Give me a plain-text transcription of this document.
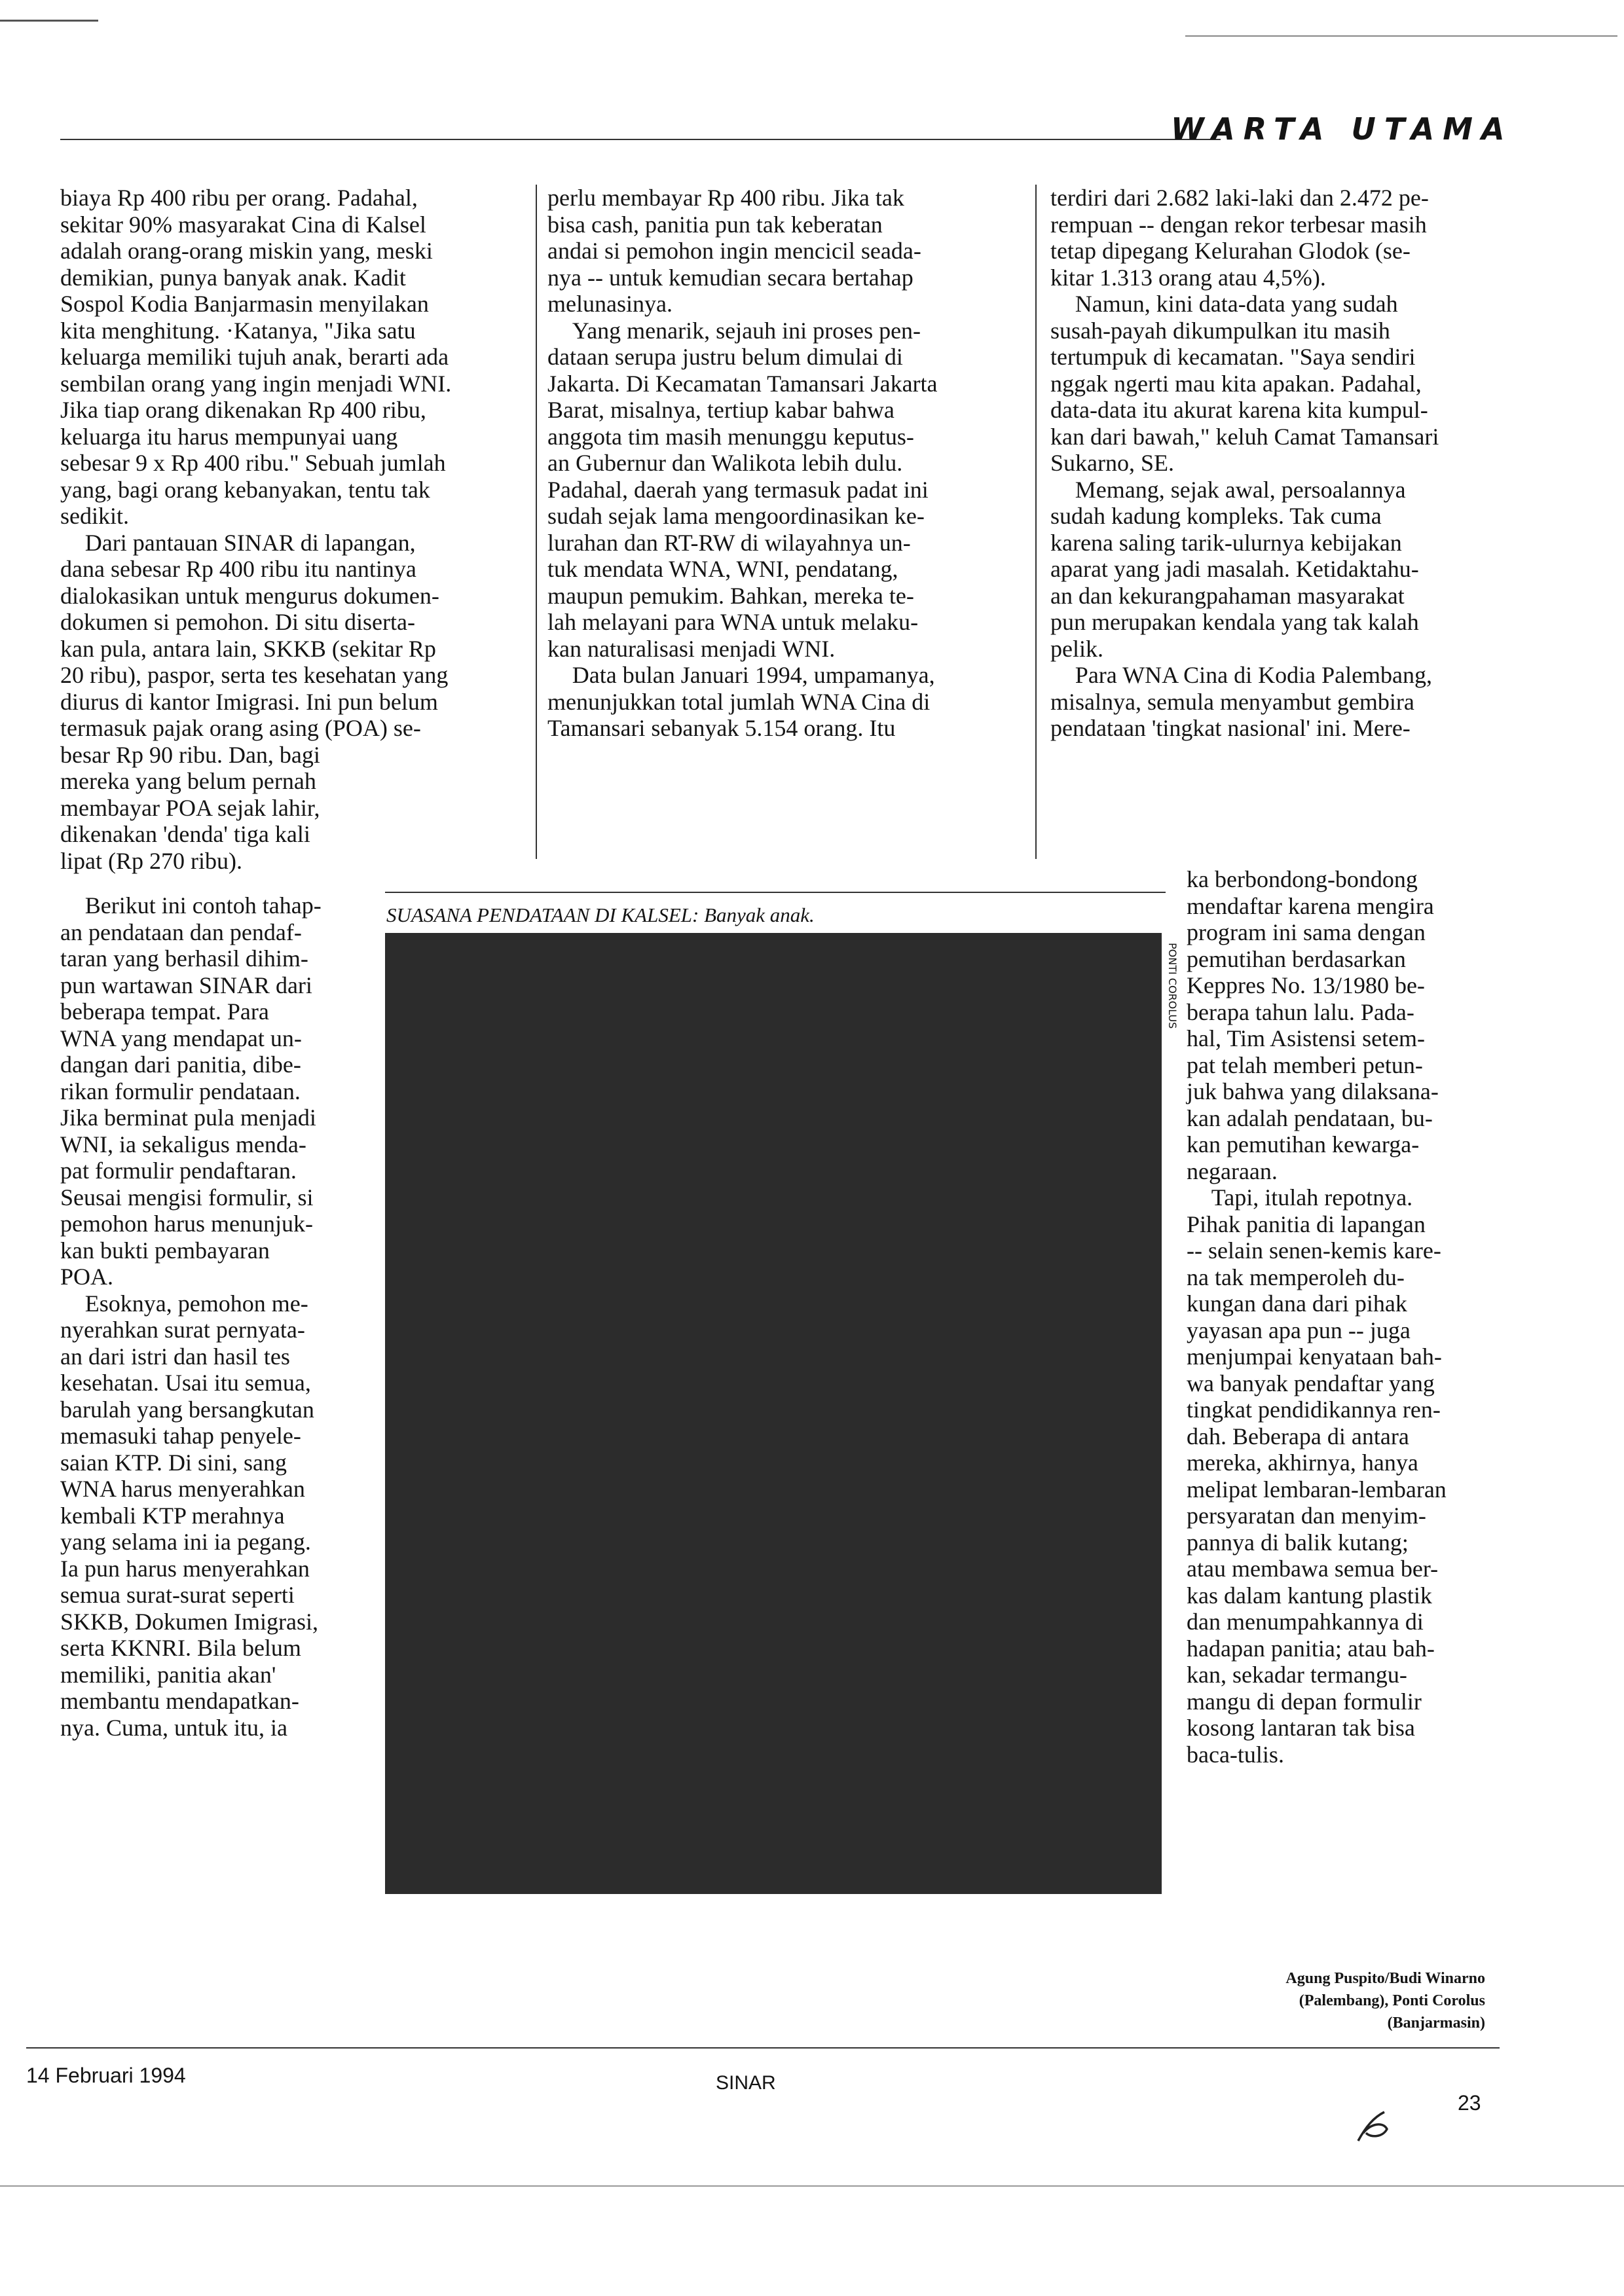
WARTA UTAMA
biaya Rp 400 ribu per orang. Padahal,
sekitar 90% masyarakat Cina di Kalsel
adalah orang-orang miskin yang, meski
demikian, punya banyak anak. Kadit
Sospol Kodia Banjarmasin menyilakan
kita menghitung. ·Katanya, "Jika satu
keluarga memiliki tujuh anak, berarti ada
sembilan orang yang ingin menjadi WNI.
Jika tiap orang dikenakan Rp 400 ribu,
keluarga itu harus mempunyai uang
sebesar 9 x Rp 400 ribu." Sebuah jumlah
yang, bagi orang kebanyakan, tentu tak
sedikit.
Dari pantauan SINAR di lapangan,
dana sebesar Rp 400 ribu itu nantinya
dialokasikan untuk mengurus dokumen-
dokumen si pemohon. Di situ diserta-
kan pula, antara lain, SKKB (sekitar Rp
20 ribu), paspor, serta tes kesehatan yang
diurus di kantor Imigrasi. Ini pun belum
termasuk pajak orang asing (POA) se-
besar Rp 90 ribu. Dan, bagi
mereka yang belum pernah
membayar POA sejak lahir,
dikenakan 'denda' tiga kali
lipat (Rp 270 ribu).
Berikut ini contoh tahap-
an pendataan dan pendaf-
taran yang berhasil dihim-
pun wartawan SINAR dari
beberapa tempat. Para
WNA yang mendapat un-
dangan dari panitia, dibe-
rikan formulir pendataan.
Jika berminat pula menjadi
WNI, ia sekaligus menda-
pat formulir pendaftaran.
Seusai mengisi formulir, si
pemohon harus menunjuk-
kan bukti pembayaran
POA.
Esoknya, pemohon me-
nyerahkan surat pernyata-
an dari istri dan hasil tes
kesehatan. Usai itu semua,
barulah yang bersangkutan
memasuki tahap penyele-
saian KTP. Di sini, sang
WNA harus menyerahkan
kembali KTP merahnya
yang selama ini ia pegang.
Ia pun harus menyerahkan
semua surat-surat seperti
SKKB, Dokumen Imigrasi,
serta KKNRI. Bila belum
memiliki, panitia akan'
membantu mendapatkan-
nya. Cuma, untuk itu, ia
perlu membayar Rp 400 ribu. Jika tak
bisa cash, panitia pun tak keberatan
andai si pemohon ingin mencicil seada-
nya -- untuk kemudian secara bertahap
melunasinya.
Yang menarik, sejauh ini proses pen-
dataan serupa justru belum dimulai di
Jakarta. Di Kecamatan Tamansari Jakarta
Barat, misalnya, tertiup kabar bahwa
anggota tim masih menunggu keputus-
an Gubernur dan Walikota lebih dulu.
Padahal, daerah yang termasuk padat ini
sudah sejak lama mengoordinasikan ke-
lurahan dan RT-RW di wilayahnya un-
tuk mendata WNA, WNI, pendatang,
maupun pemukim. Bahkan, mereka te-
lah melayani para WNA untuk melaku-
kan naturalisasi menjadi WNI.
Data bulan Januari 1994, umpamanya,
menunjukkan total jumlah WNA Cina di
Tamansari sebanyak 5.154 orang. Itu
terdiri dari 2.682 laki-laki dan 2.472 pe-
rempuan -- dengan rekor terbesar masih
tetap dipegang Kelurahan Glodok (se-
kitar 1.313 orang atau 4,5%).
Namun, kini data-data yang sudah
susah-payah dikumpulkan itu masih
tertumpuk di kecamatan. "Saya sendiri
nggak ngerti mau kita apakan. Padahal,
data-data itu akurat karena kita kumpul-
kan dari bawah," keluh Camat Tamansari
Sukarno, SE.
Memang, sejak awal, persoalannya
sudah kadung kompleks. Tak cuma
karena saling tarik-ulurnya kebijakan
aparat yang jadi masalah. Ketidaktahu-
an dan kekurangpahaman masyarakat
pun merupakan kendala yang tak kalah
pelik.
Para WNA Cina di Kodia Palembang,
misalnya, semula menyambut gembira
pendataan 'tingkat nasional' ini. Mere-
ka berbondong-bondong
mendaftar karena mengira
program ini sama dengan
pemutihan berdasarkan
Keppres No. 13/1980 be-
berapa tahun lalu. Pada-
hal, Tim Asistensi setem-
pat telah memberi petun-
juk bahwa yang dilaksana-
kan adalah pendataan, bu-
kan pemutihan kewarga-
negaraan.
Tapi, itulah repotnya.
Pihak panitia di lapangan
-- selain senen-kemis kare-
na tak memperoleh du-
kungan dana dari pihak
yayasan apa pun -- juga
menjumpai kenyataan bah-
wa banyak pendaftar yang
tingkat pendidikannya ren-
dah. Beberapa di antara
mereka, akhirnya, hanya
melipat lembaran-lembaran
persyaratan dan menyim-
pannya di balik kutang;
atau membawa semua ber-
kas dalam kantung plastik
dan menumpahkannya di
hadapan panitia; atau bah-
kan, sekadar termangu-
mangu di depan formulir
kosong lantaran tak bisa
baca-tulis.
SUASANA PENDATAAN DI KALSEL: Banyak anak.
PONTI COROLUS
Agung Puspito/Budi Winarno
(Palembang), Ponti Corolus
(Banjarmasin)
14 Februari 1994	SINAR
23
